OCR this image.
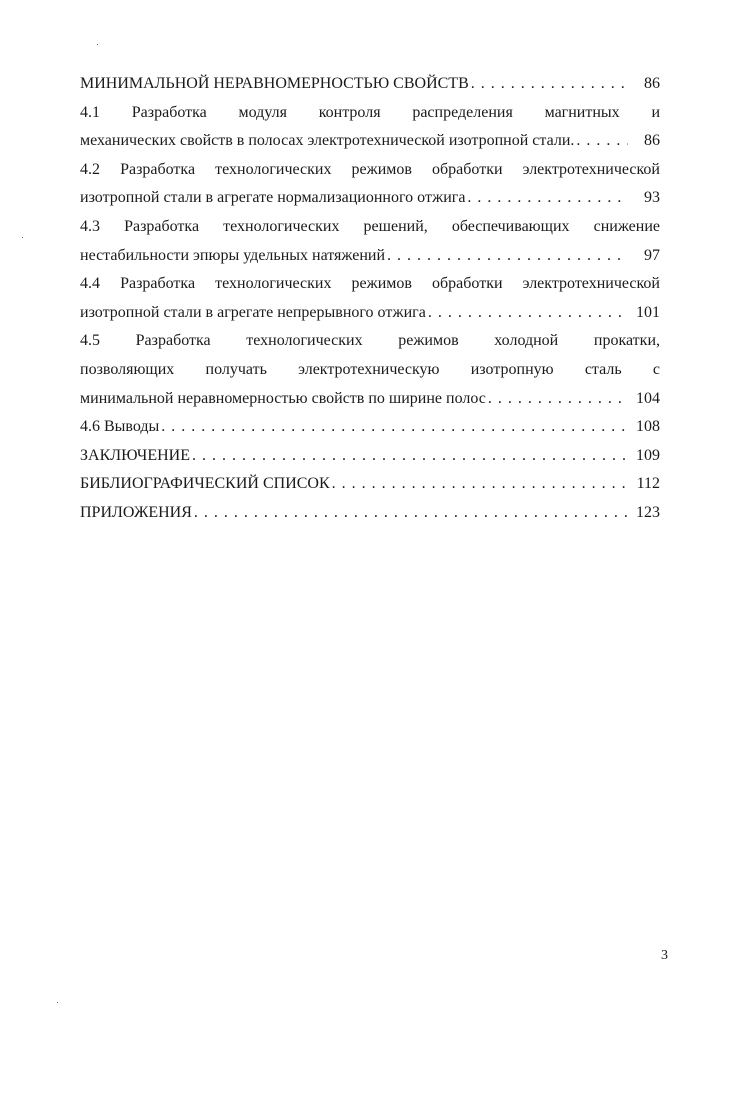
МИНИМАЛЬНОЙ НЕРАВНОМЕРНОСТЬЮ СВОЙСТВ . . .	86
4.1 Разработка модуля контроля распределения магнитных и
механических свойств в полосах электротехнической изотропной стали. . . .	86
4.2 Разработка технологических режимов обработки электротехнической
изотропной стали в агрегате нормализационного отжига . . .	93
4.3 Разработка технологических решений, обеспечивающих снижение
нестабильности эпюры удельных натяжений . . .	97
4.4 Разработка технологических режимов обработки электротехнической
изотропной стали в агрегате непрерывного отжига . . .	101
4.5 Разработка технологических режимов холодной прокатки,
позволяющих получать электротехническую изотропную сталь с
минимальной неравномерностью свойств по ширине полос . . .	104
4.6 Выводы . . .	108
ЗАКЛЮЧЕНИЕ . . .	109
БИБЛИОГРАФИЧЕСКИЙ СПИСОК . . .	112
ПРИЛОЖЕНИЯ . . .	123
3
